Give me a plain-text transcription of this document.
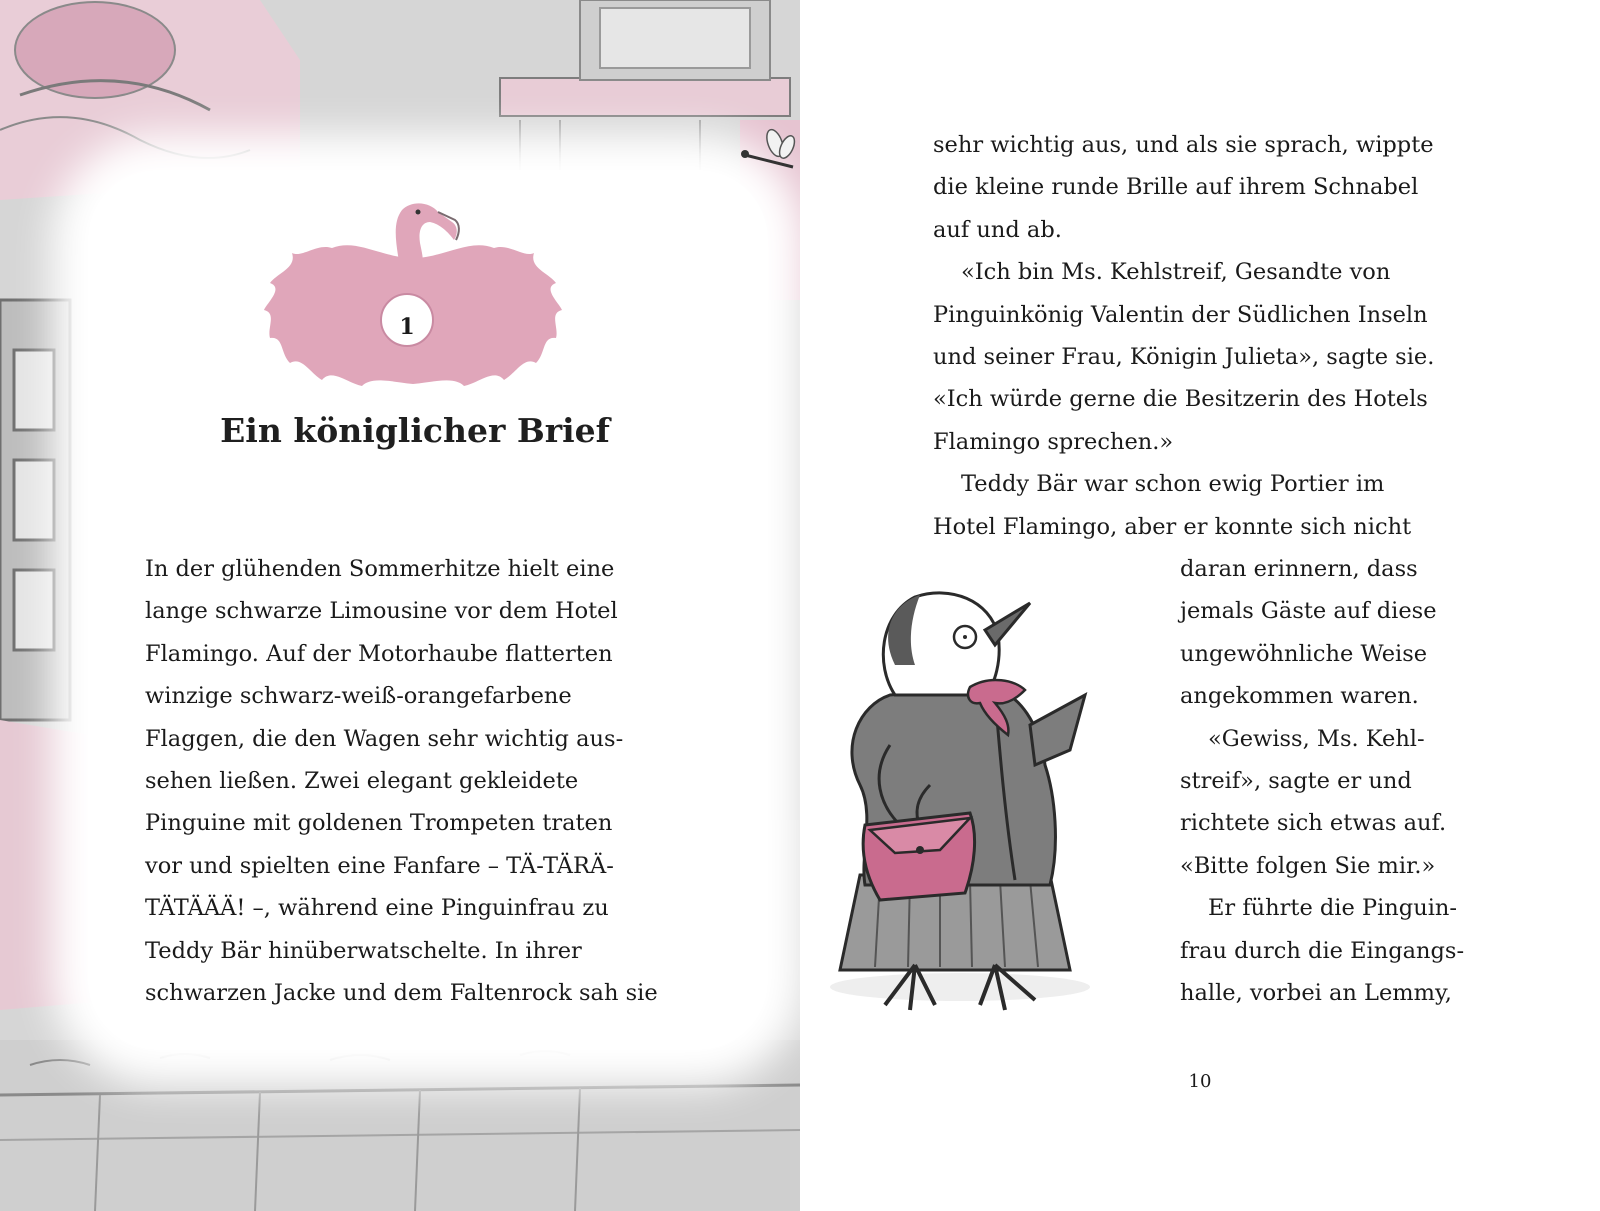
1
Ein königlicher Brief
In der glühenden Sommerhitze hielt eine
lange schwarze Limousine vor dem Hotel
Flamingo. Auf der Motorhaube flatterten
winzige schwarz-weiß-orangefarbene
Flaggen, die den Wagen sehr wichtig aus-
sehen ließen. Zwei elegant gekleidete
Pinguine mit goldenen Trompeten traten
vor und spielten eine Fanfare – TÄ-TÄRÄ-
TÄTÄÄÄ! –, während eine Pinguinfrau zu
Teddy Bär hinüberwatschelte. In ihrer
schwarzen Jacke und dem Faltenrock sah sie
sehr wichtig aus, und als sie sprach, wippte
die kleine runde Brille auf ihrem Schnabel
auf und ab.
«Ich bin Ms. Kehlstreif, Gesandte von
Pinguinkönig Valentin der Südlichen Inseln
und seiner Frau, Königin Julieta», sagte sie.
«Ich würde gerne die Besitzerin des Hotels
Flamingo sprechen.»
Teddy Bär war schon ewig Portier im
Hotel Flamingo, aber er konnte sich nicht
daran erinnern, dass
jemals Gäste auf diese
ungewöhnliche Weise
angekommen waren.
«Gewiss, Ms. Kehl-
streif», sagte er und
richtete sich etwas auf.
«Bitte folgen Sie mir.»
Er führte die Pinguin-
frau durch die Eingangs-
halle, vorbei an Lemmy,
10
